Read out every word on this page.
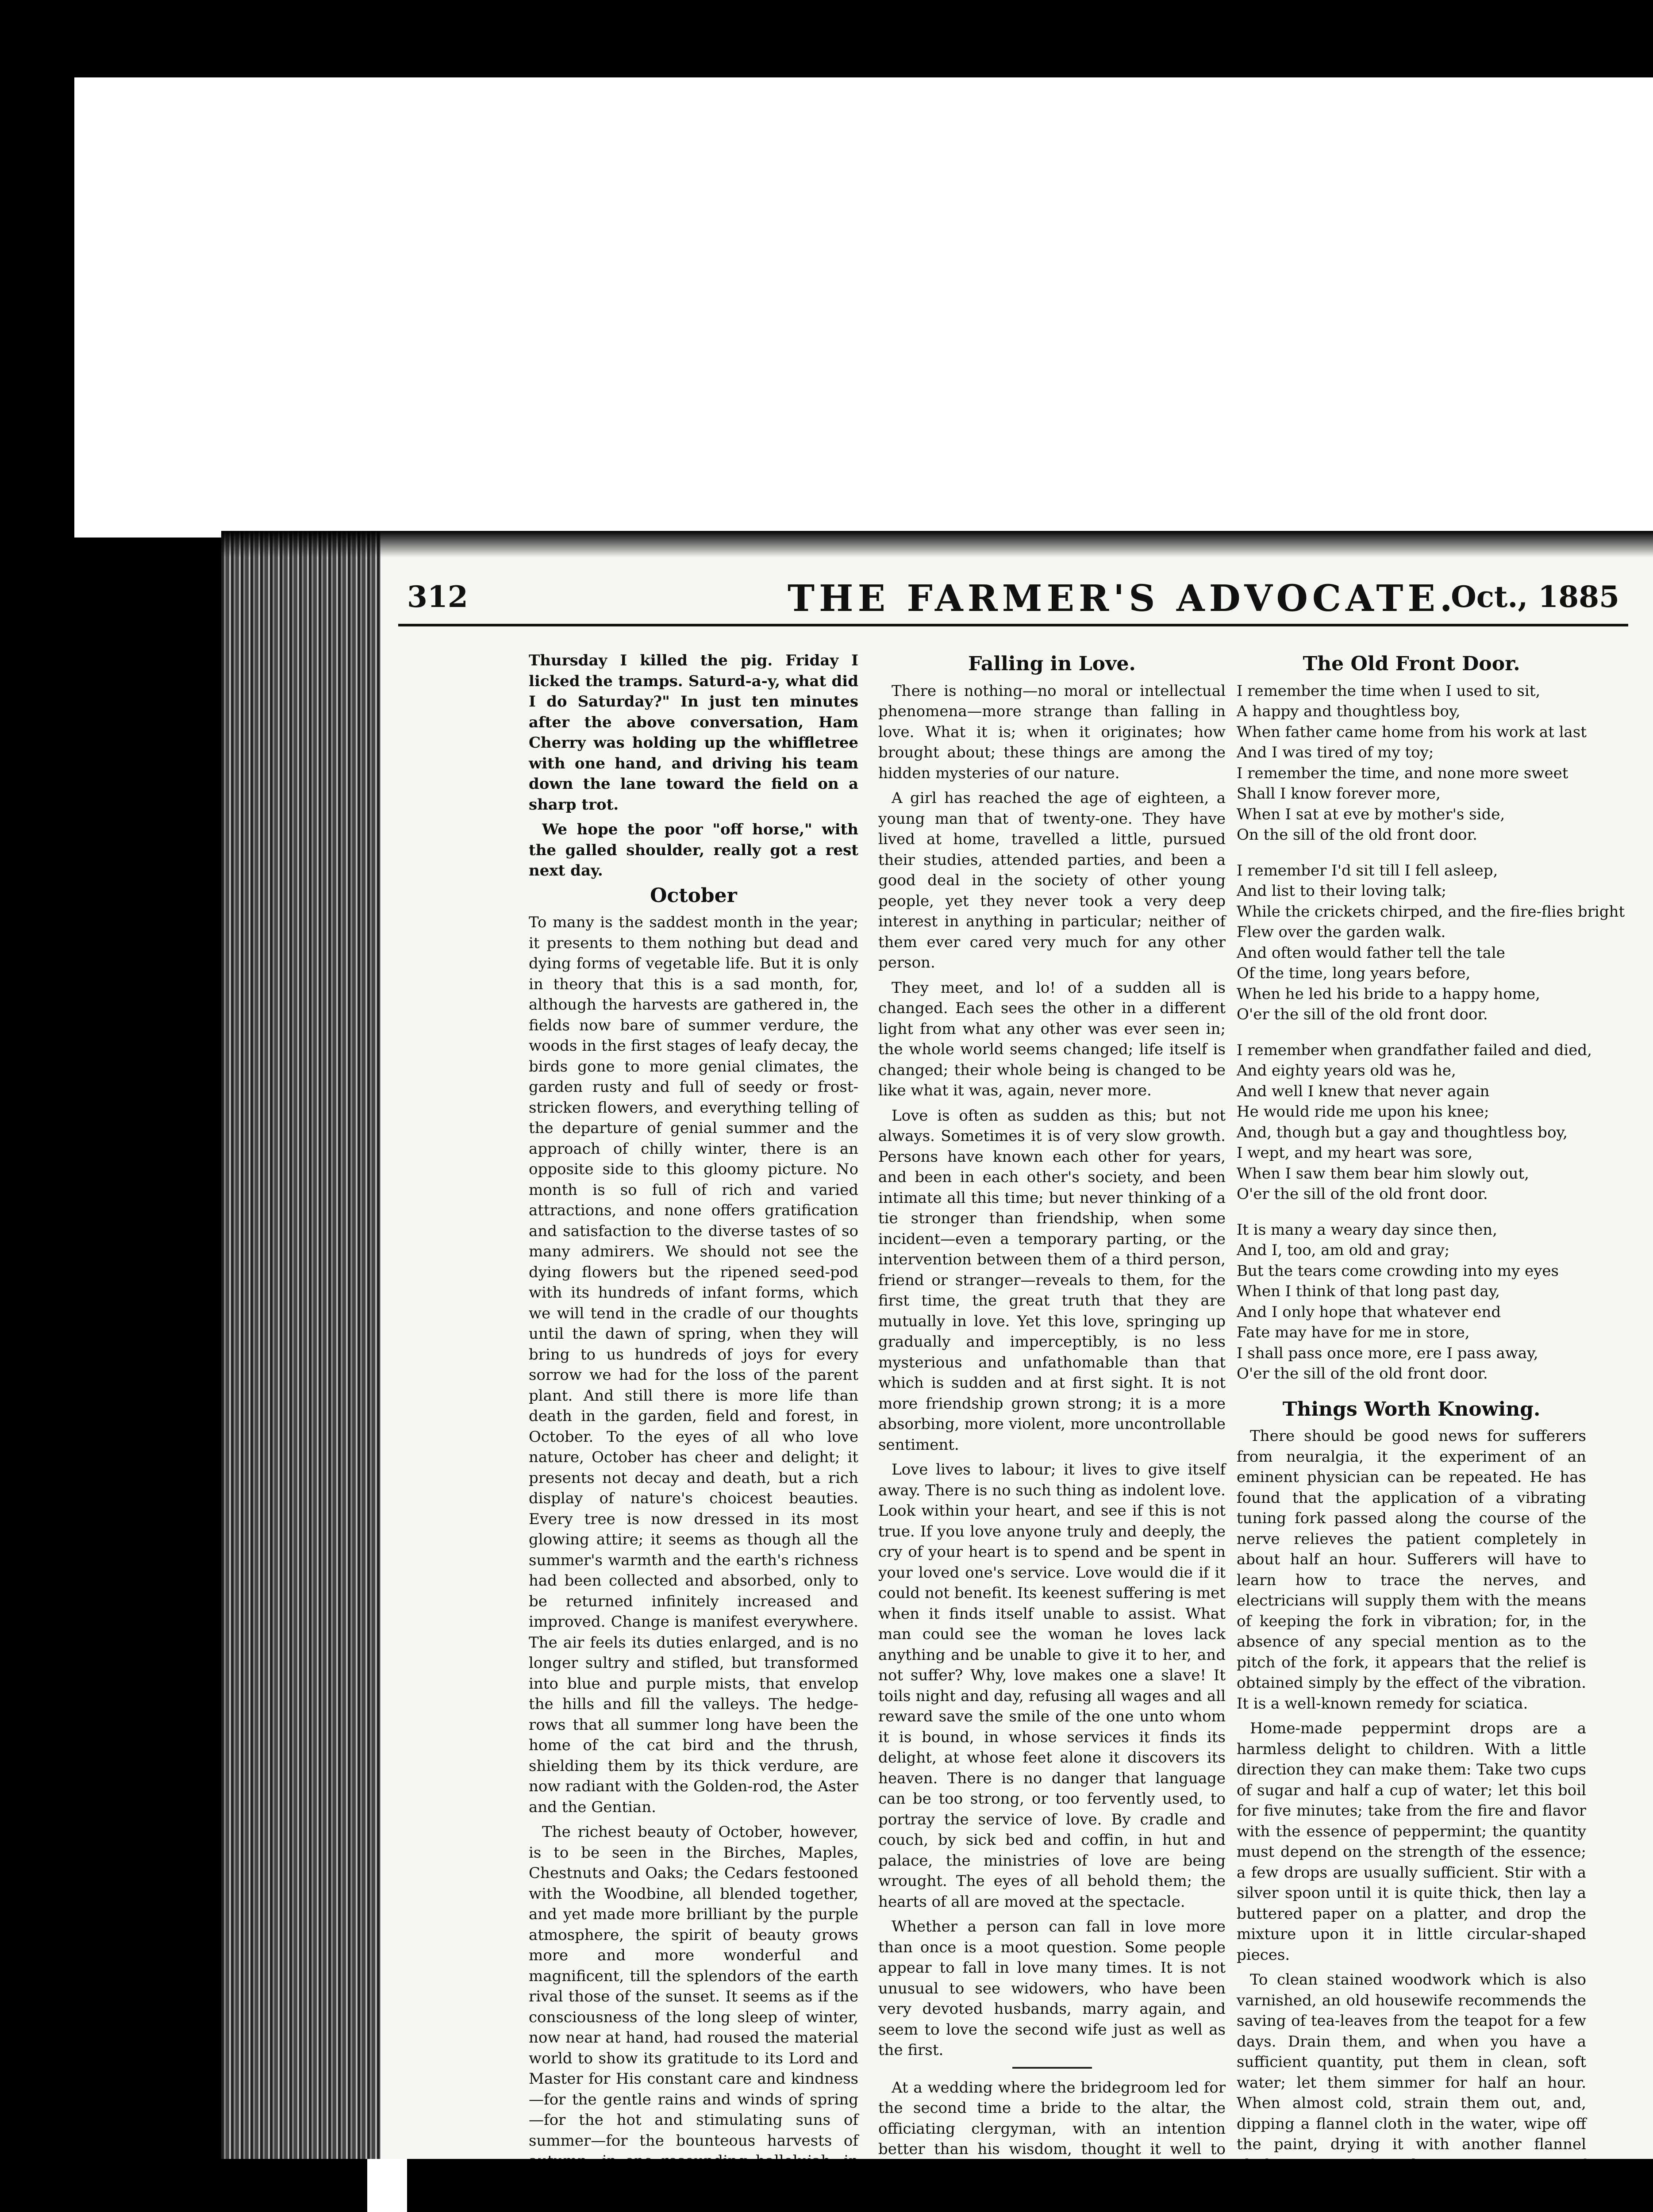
312	THE FARMER'S ADVOCATE.
Oct., 1885

Thursday I killed the pig. Friday I licked the tramps. Saturd-a-y, what did I do Saturday?" In just ten minutes after the above conversation, Ham Cherry was holding up the whiffletree with one hand, and driving his team down the lane toward the field on a sharp trot.

We hope the poor "off horse," with the galled shoulder, really got a rest next day.

October

To many is the saddest month in the year; it presents to them nothing but dead and dying forms of vegetable life. But it is only in theory that this is a sad month, for, although the harvests are gathered in, the fields now bare of summer verdure, the woods in the first stages of leafy decay, the birds gone to more genial climates, the garden rusty and full of seedy or frost-stricken flowers, and everything telling of the departure of genial summer and the approach of chilly winter, there is an opposite side to this gloomy picture. No month is so full of rich and varied attractions, and none offers gratification and satisfaction to the diverse tastes of so many admirers. We should not see the dying flowers but the ripened seed-pod with its hundreds of infant forms, which we will tend in the cradle of our thoughts until the dawn of spring, when they will bring to us hundreds of joys for every sorrow we had for the loss of the parent plant. And still there is more life than death in the garden, field and forest, in October. To the eyes of all who love nature, October has cheer and delight; it presents not decay and death, but a rich display of nature's choicest beauties. Every tree is now dressed in its most glowing attire; it seems as though all the summer's warmth and the earth's richness had been collected and absorbed, only to be returned infinitely increased and improved. Change is manifest everywhere. The air feels its duties enlarged, and is no longer sultry and stifled, but transformed into blue and purple mists, that envelop the hills and fill the valleys. The hedge-rows that all summer long have been the home of the cat bird and the thrush, shielding them by its thick verdure, are now radiant with the Golden-rod, the Aster and the Gentian.

The richest beauty of October, however, is to be seen in the Birches, Maples, Chestnuts and Oaks; the Cedars festooned with the Woodbine, all blended together, and yet made more brilliant by the purple atmosphere, the spirit of beauty grows more and more wonderful and magnificent, till the splendors of the earth rival those of the sunset. It seems as if the consciousness of the long sleep of winter, now near at hand, had roused the material world to show its gratitude to its Lord and Master for His constant care and kindness—for the gentle rains and winds of spring—for the hot and stimulating suns of summer—for the bounteous harvests of

Falling in Love.

There is nothing—no moral or intellectual phenomena—more strange than falling in love. What it is; when it originates; how brought about; these things are among the hidden mysteries of our nature.

A girl has reached the age of eighteen, a young man that of twenty-one. They have lived at home, travelled a little, pursued their studies, attended parties, and been a good deal in the society of other young people, yet they never took a very deep interest in anything in particular; neither of them ever cared very much for any other person.

They meet, and lo! of a sudden all is changed. Each sees the other in a different light from what any other was ever seen in; the whole world seems changed; life itself is changed; their whole being is changed to be like what it was, again, never more.

Love is often as sudden as this; but not always. Sometimes it is of very slow growth. Persons have known each other for years, and been in each other's society, and been intimate all this time; but never thinking of a tie stronger than friendship, when some incident—even a temporary parting, or the intervention between them of a third person, friend or stranger—reveals to them, for the first time, the great truth that they are mutually in love. Yet this love, springing up gradually and imperceptibly, is no less mysterious and unfathomable than that which is sudden and at first sight. It is not more friendship grown strong; it is a more absorbing, more violent, more uncontrollable sentiment.

Love lives to labour; it lives to give itself away. There is no such thing as indolent love. Look within your heart, and see if this is not true. If you love anyone truly and deeply, the cry of your heart is to spend and be spent in your loved one's service. Love would die if it could not benefit. Its keenest suffering is met when it finds itself unable to assist. What man could see the woman he loves lack anything and be unable to give it to her, and not suffer? Why, love makes one a slave! It toils night and day, refusing all wages and all reward save the smile of the one unto whom it is bound, in whose services it finds its delight, at whose feet alone it discovers its heaven. There is no danger that language can be too strong, or too fervently used, to portray the service of love. By cradle and couch, by sick bed and coffin, in hut and palace, the ministries of love are being wrought. The eyes of all behold them; the hearts of all are moved at the spectacle.

Whether a person can fall in love more than once is a moot question. Some people appear to fall in love many times. It is not unusual to see widowers, who have been very devoted husbands, marry again, and seem to love the second wife just as well as the first.

At a wedding where the bridegroom led for the second time a bride to the altar, the officiating clergyman, with an intention better than his wisdom, thought it well to

The Old Front Door.
I remember the time when I used to sit,
A happy and thoughtless boy,
When father came home from his work at last
And I was tired of my toy;
I remember the time, and none more sweet
Shall I know forever more,
When I sat at eve by mother's side,
On the sill of the old front door.
I remember I'd sit till I fell asleep,
And list to their loving talk;
While the crickets chirped, and the fire-flies bright
Flew over the garden walk.
And often would father tell the tale
Of the time, long years before,
When he led his bride to a happy home,
O'er the sill of the old front door.
I remember when grandfather failed and died,
And eighty years old was he,
And well I knew that never again
He would ride me upon his knee;
And, though but a gay and thoughtless boy,
I wept, and my heart was sore,
When I saw them bear him slowly out,
O'er the sill of the old front door.
It is many a weary day since then,
And I, too, am old and gray;
But the tears come crowding into my eyes
When I think of that long past day,
And I only hope that whatever end
Fate may have for me in store,
I shall pass once more, ere I pass away,
O'er the sill of the old front door.
Things Worth Knowing.

There should be good news for sufferers from neuralgia, it the experiment of an eminent physician can be repeated. He has found that the application of a vibrating tuning fork passed along the course of the nerve relieves the patient completely in about half an hour. Sufferers will have to learn how to trace the nerves, and electricians will supply them with the means of keeping the fork in vibration; for, in the absence of any special mention as to the pitch of the fork, it appears that the relief is obtained simply by the effect of the vibration. It is a well-known remedy for sciatica.

Home-made peppermint drops are a harmless delight to children. With a little direction they can make them: Take two cups of sugar and half a cup of water; let this boil for five minutes; take from the fire and flavor with the essence of peppermint; the quantity must depend on the strength of the essence; a few drops are usually sufficient. Stir with a silver spoon until it is quite thick, then lay a buttered paper on a platter, and drop the mixture upon it in little circular-shaped pieces.

To clean stained woodwork which is also varnished, an old housewife recommends the saving of tea-leaves from the teapot for a few days. Drain them, and when you have a sufficient quantity, put them in clean, soft water; let them simmer for half an hour. When almost cold, strain them out, and, dipping a flannel cloth in the water, wipe off the paint, drying it with another flannel
